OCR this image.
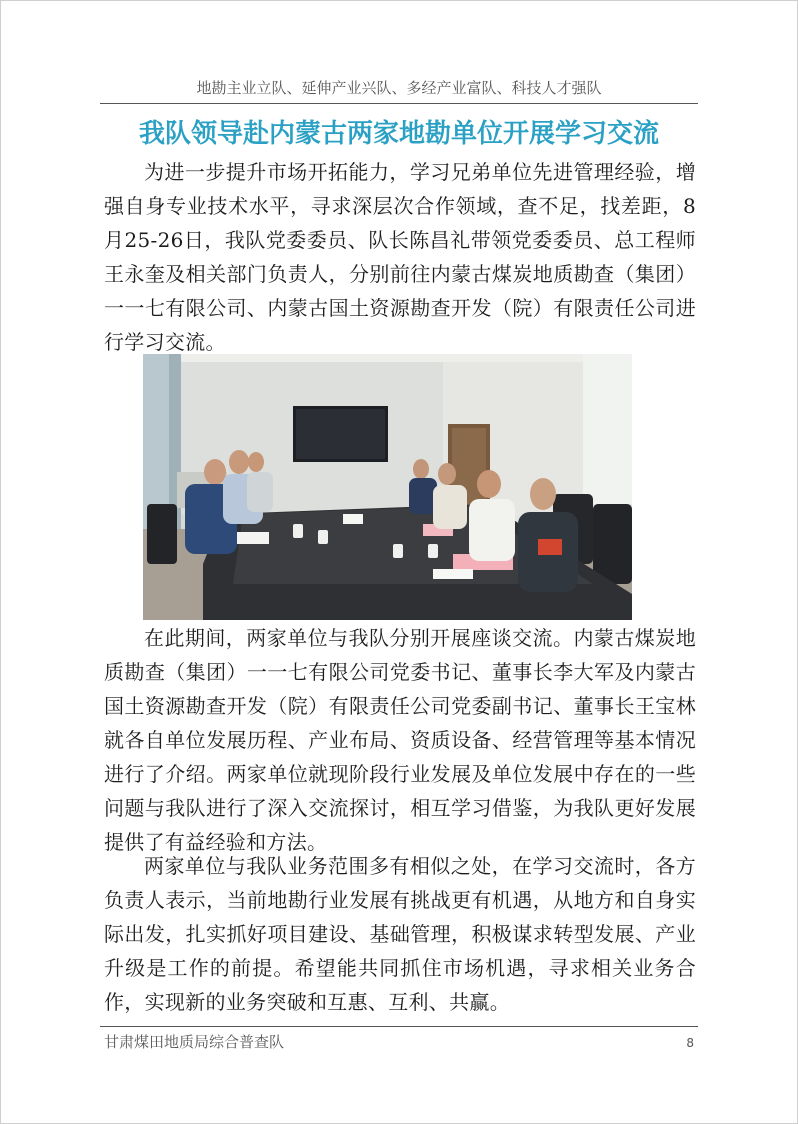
地勘主业立队、延伸产业兴队、多经产业富队、科技人才强队
我队领导赴内蒙古两家地勘单位开展学习交流

为进一步提升市场开拓能力，学习兄弟单位先进管理经验，增强自身专业技术水平，寻求深层次合作领域，查不足，找差距，8月25-26日，我队党委委员、队长陈昌礼带领党委委员、总工程师王永奎及相关部门负责人，分别前往内蒙古煤炭地质勘查（集团）一一七有限公司、内蒙古国土资源勘查开发（院）有限责任公司进行学习交流。

在此期间，两家单位与我队分别开展座谈交流。内蒙古煤炭地质勘查（集团）一一七有限公司党委书记、董事长李大军及内蒙古国土资源勘查开发（院）有限责任公司党委副书记、董事长王宝林就各自单位发展历程、产业布局、资质设备、经营管理等基本情况进行了介绍。两家单位就现阶段行业发展及单位发展中存在的一些问题与我队进行了深入交流探讨，相互学习借鉴，为我队更好发展提供了有益经验和方法。

两家单位与我队业务范围多有相似之处，在学习交流时，各方负责人表示，当前地勘行业发展有挑战更有机遇，从地方和自身实际出发，扎实抓好项目建设、基础管理，积极谋求转型发展、产业升级是工作的前提。希望能共同抓住市场机遇，寻求相关业务合作，实现新的业务突破和互惠、互利、共赢。

甘肃煤田地质局综合普查队	8
